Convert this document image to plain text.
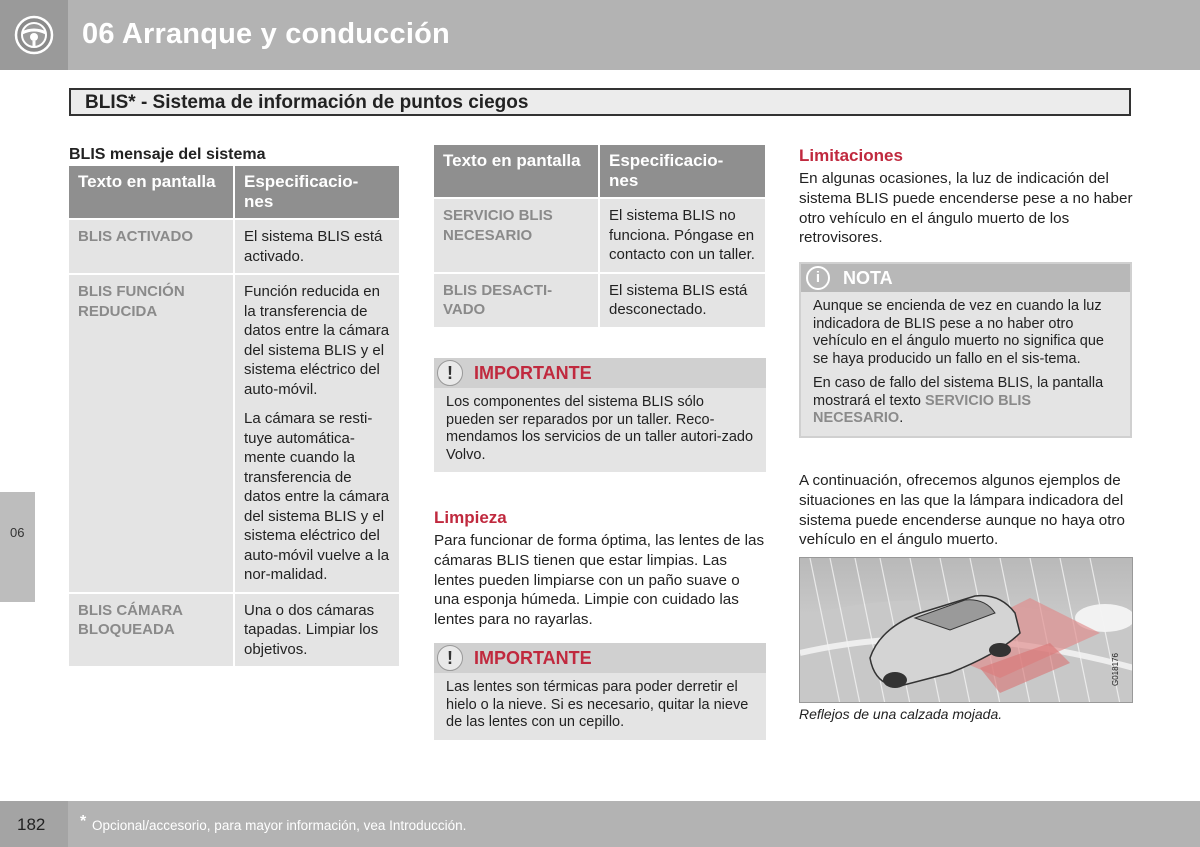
06 Arranque y conducción
BLIS* - Sistema de información de puntos ciegos
06
BLIS mensaje del sistema
Texto en pantalla	Especificacio-
nes
BLIS ACTIVADO	El sistema BLIS está activado.

BLIS FUNCIÓN REDUCIDA	Función reducida en la transferencia de datos entre la cámara del sistema BLIS y el sistema eléctrico del auto-móvil.

La cámara se resti-tuye automática-mente cuando la transferencia de datos entre la cámara del sistema BLIS y el sistema eléctrico del auto-móvil vuelve a la nor-malidad.

BLIS CÁMARA BLOQUEADA	Una o dos cámaras tapadas. Limpiar los objetivos.

Texto en pantalla	Especificacio-
nes
SERVICIO BLIS NECESARIO	El sistema BLIS no funciona. Póngase en contacto con un taller.

BLIS DESACTI-VADO	El sistema BLIS está desconectado.

!	IMPORTANTE
Los componentes del sistema BLIS sólo pueden ser reparados por un taller. Reco-mendamos los servicios de un taller autori-zado Volvo.
Limpieza
Para funcionar de forma óptima, las lentes de las cámaras BLIS tienen que estar limpias. Las lentes pueden limpiarse con un paño suave o una esponja húmeda. Limpie con cuidado las lentes para no rayarlas.
!	IMPORTANTE
Las lentes son térmicas para poder derretir el hielo o la nieve. Si es necesario, quitar la nieve de las lentes con un cepillo.
Limitaciones
En algunas ocasiones, la luz de indicación del sistema BLIS puede encenderse pese a no haber otro vehículo en el ángulo muerto de los retrovisores.
i	NOTA

Aunque se encienda de vez en cuando la luz indicadora de BLIS pese a no haber otro vehículo en el ángulo muerto no significa que se haya producido un fallo en el sis-tema.

En caso de fallo del sistema BLIS, la pantalla mostrará el texto SERVICIO BLIS NECESARIO.

A continuación, ofrecemos algunos ejemplos de situaciones en las que la lámpara indicadora del sistema puede encenderse aunque no haya otro vehículo en el ángulo muerto.
G018176
Reflejos de una calzada mojada.
182 * Opcional/accesorio, para mayor información, vea Introducción.
